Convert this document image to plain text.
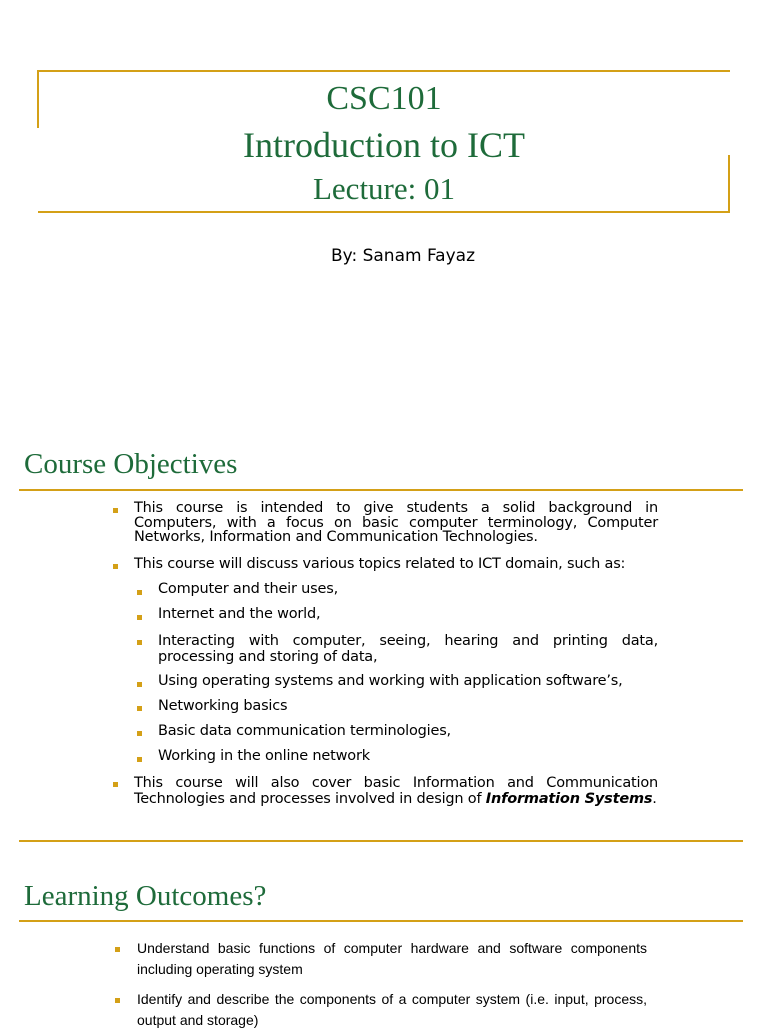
CSC101
Introduction to ICT
Lecture: 01
By: Sanam Fayaz
Course Objectives
This course is intended to give students a solid background in Computers, with a focus on basic computer terminology, Computer Networks, Information and Communication Technologies.
This course will discuss various topics related to ICT domain, such as:
Computer and their uses,
Internet and the world,
Interacting with computer, seeing, hearing and printing data, processing and storing of data,
Using operating systems and working with application software’s,
Networking basics
Basic data communication terminologies,
Working in the online network
This course will also cover basic Information and Communication Technologies and processes involved in design of Information Systems.
Learning Outcomes?
Understand basic functions of computer hardware and software components including operating system
Identify and describe the components of a computer system (i.e. input, process, output and storage)
